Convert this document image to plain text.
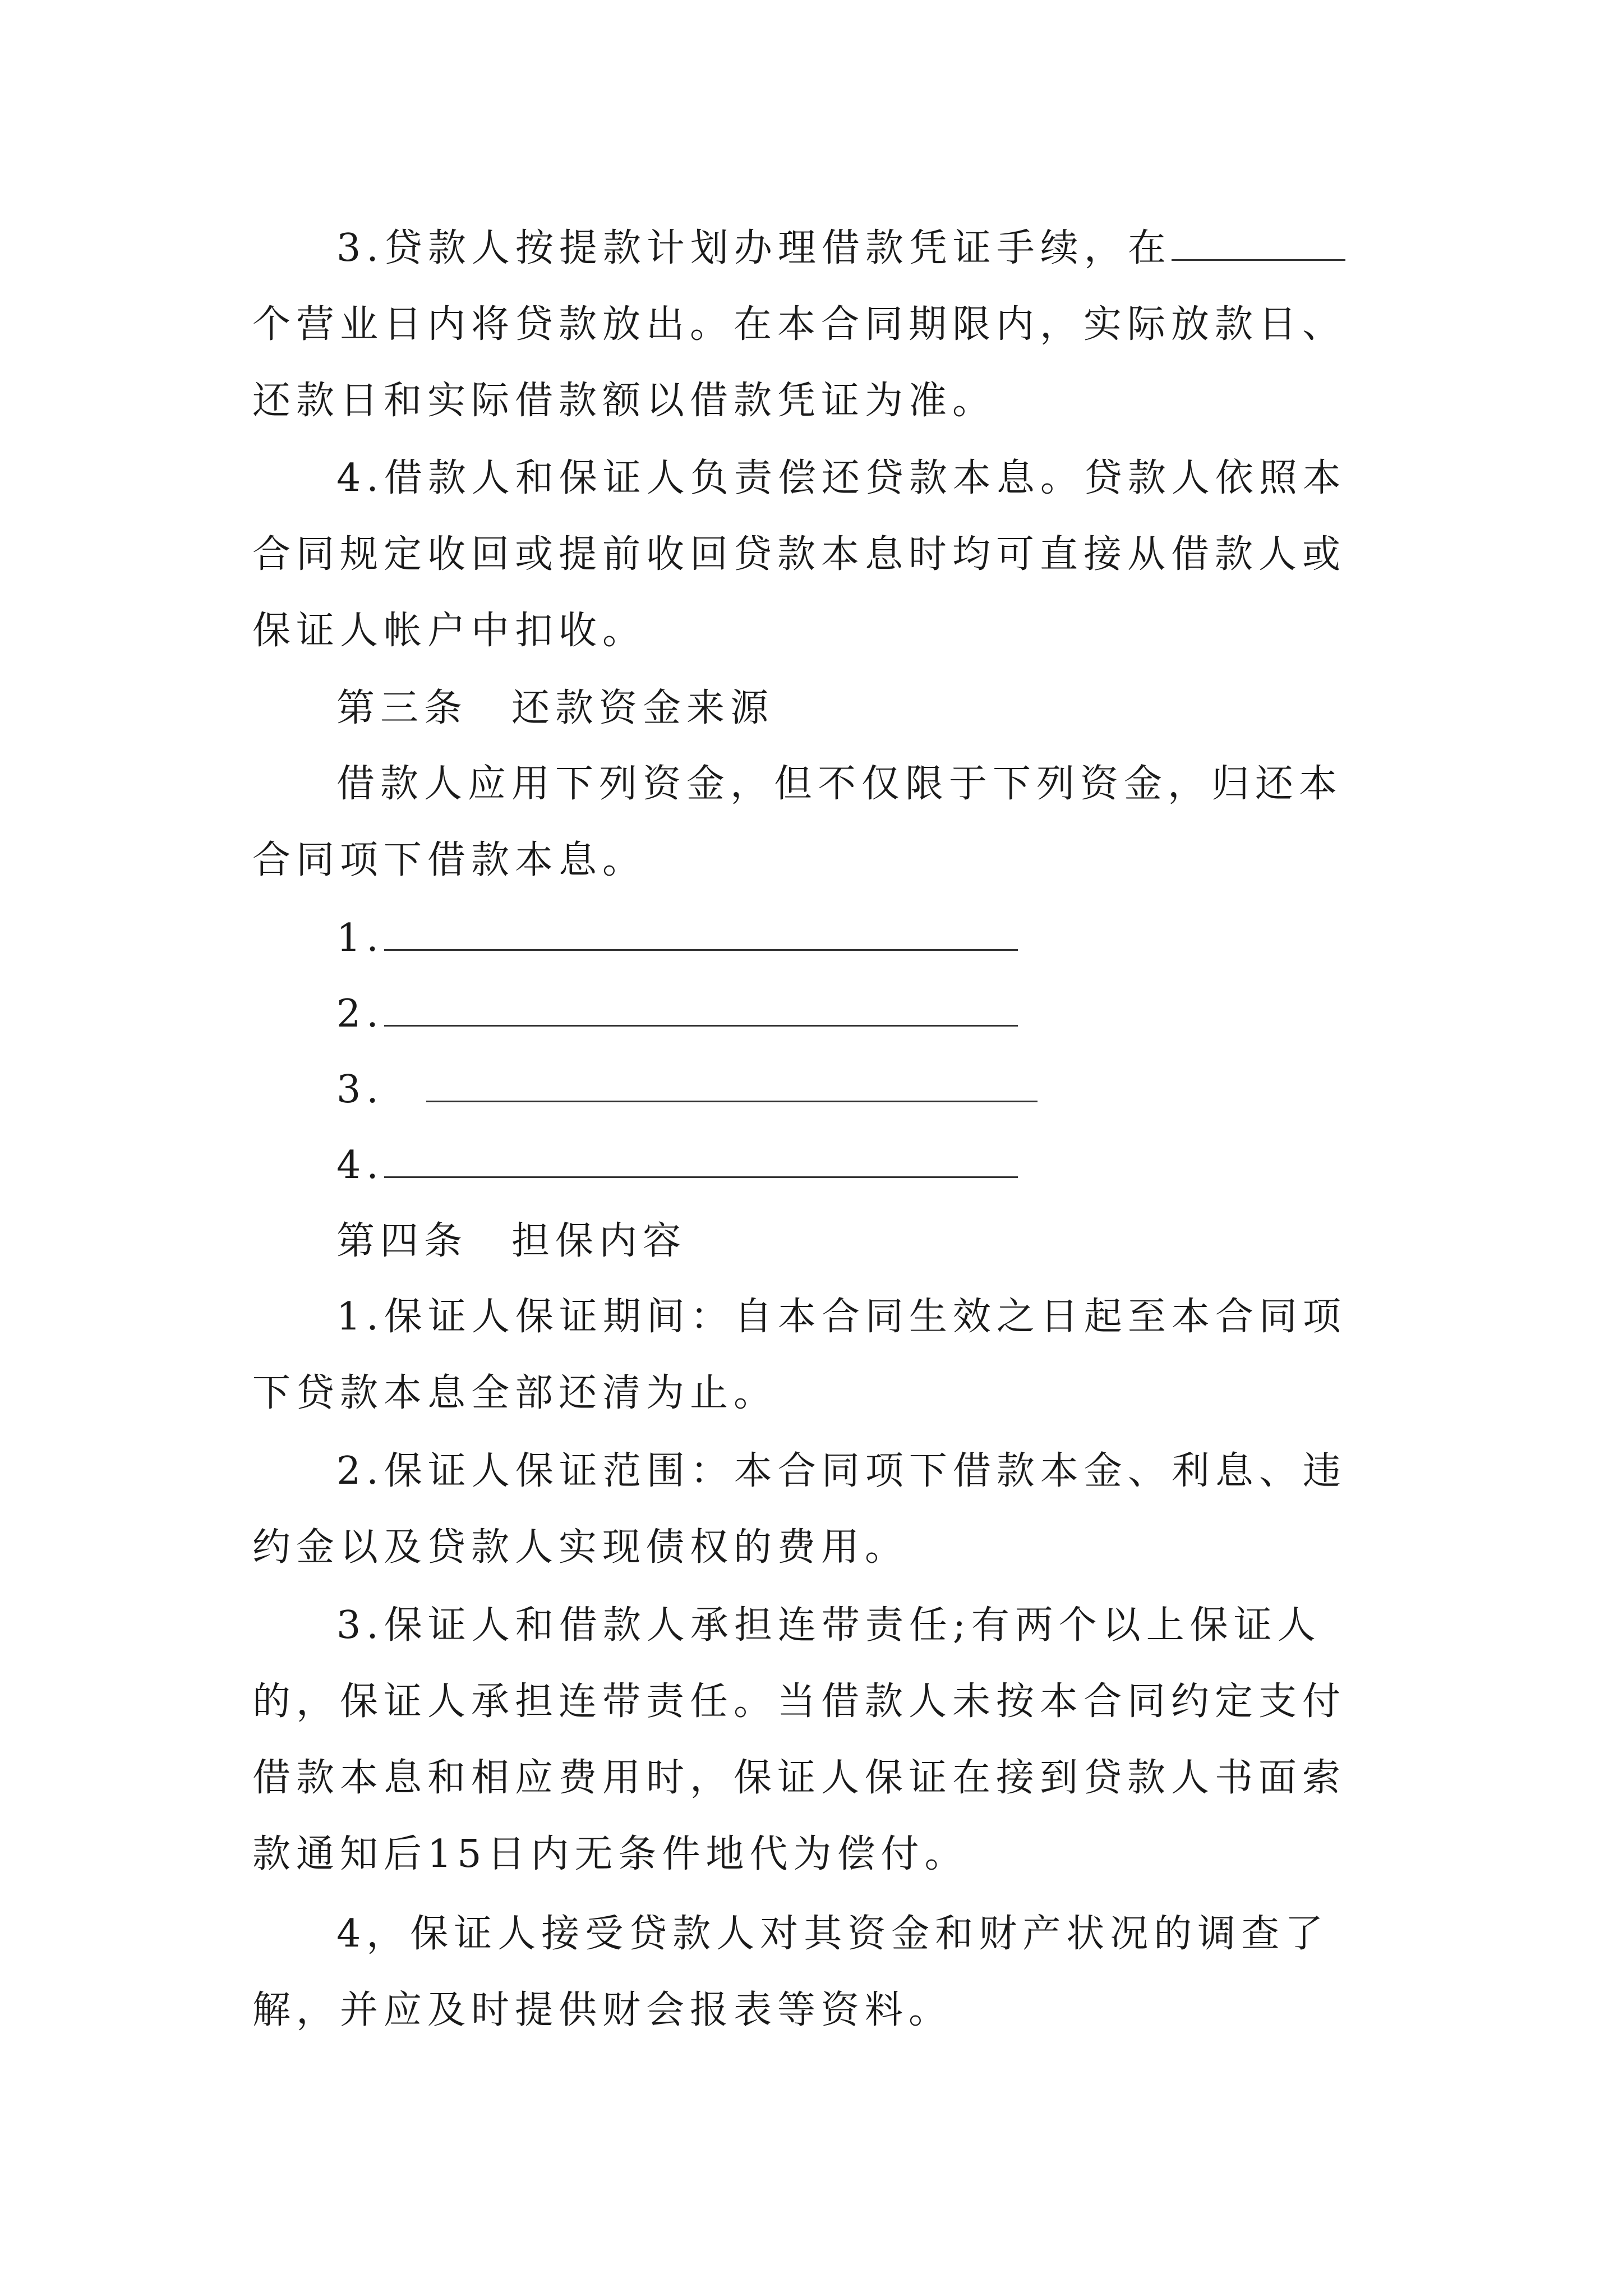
3.贷款人按提款计划办理借款凭证手续，在个营业日内将贷款放出。在本合同期限内，实际放款日、还款日和实际借款额以借款凭证为准。
4.借款人和保证人负责偿还贷款本息。贷款人依照本合同规定收回或提前收回贷款本息时均可直接从借款人或保证人帐户中扣收。
第三条　还款资金来源
借款人应用下列资金，但不仅限于下列资金，归还本合同项下借款本息。
1.
2.
3.
4.
第四条　担保内容
1.保证人保证期间：自本合同生效之日起至本合同项下贷款本息全部还清为止。
2.保证人保证范围：本合同项下借款本金、利息、违约金以及贷款人实现债权的费用。
3.保证人和借款人承担连带责任;有两个以上保证人的，保证人承担连带责任。当借款人未按本合同约定支付借款本息和相应费用时，保证人保证在接到贷款人书面索款通知后15日内无条件地代为偿付。
4，保证人接受贷款人对其资金和财产状况的调查了解，并应及时提供财会报表等资料。
